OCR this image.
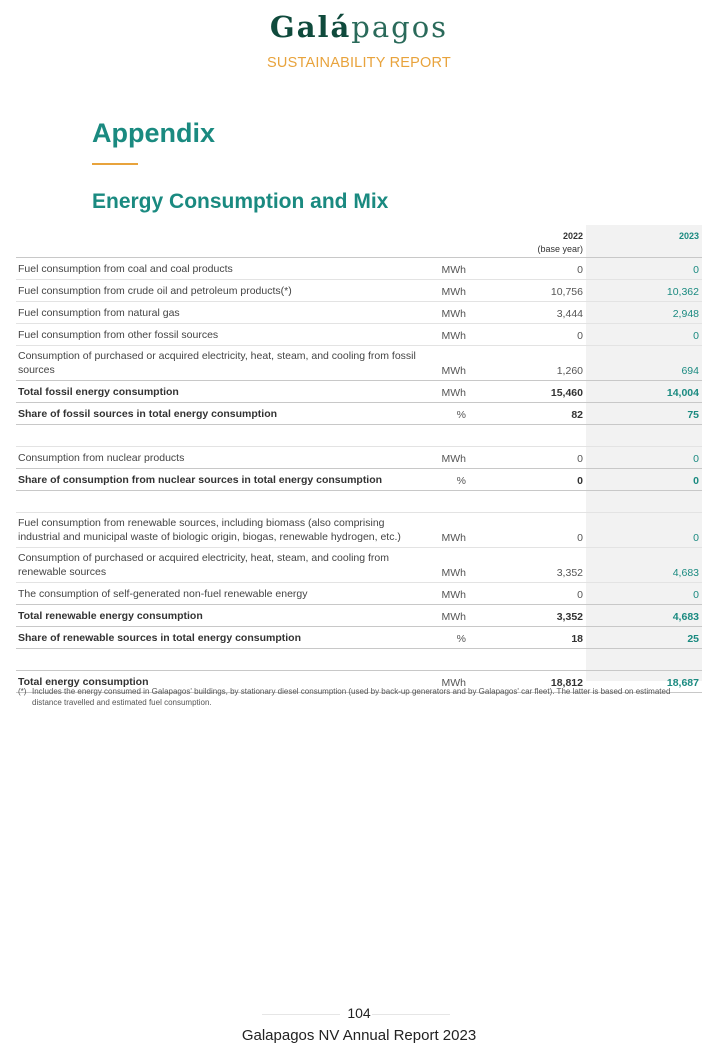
Galápagos
SUSTAINABILITY REPORT
Appendix
Energy Consumption and Mix
2022
(base year)
2023
Fuel consumption from coal and coal products	MWh	0	0
Fuel consumption from crude oil and petroleum products(*)	MWh	10,756	10,362
Fuel consumption from natural gas	MWh	3,444	2,948
Fuel consumption from other fossil sources	MWh	0	0
Consumption of purchased or acquired electricity, heat, steam, and cooling from fossil sources	MWh	1,260	694
Total fossil energy consumption	MWh	15,460	14,004
Share of fossil sources in total energy consumption	%	82	75
Consumption from nuclear products	MWh	0	0
Share of consumption from nuclear sources in total energy consumption	%	0	0
Fuel consumption from renewable sources, including biomass (also comprising industrial and municipal waste of biologic origin, biogas, renewable hydrogen, etc.)	MWh	0	0
Consumption of purchased or acquired electricity, heat, steam, and cooling from renewable sources	MWh	3,352	4,683
The consumption of self-generated non-fuel renewable energy	MWh	0	0
Total renewable energy consumption	MWh	3,352	4,683
Share of renewable sources in total energy consumption	%	18	25
Total energy consumption	MWh	18,812	18,687
(*) Includes the energy consumed in Galapagos' buildings, by stationary diesel consumption (used by back-up generators and by Galapagos' car fleet). The latter is based on estimated distance travelled and estimated fuel consumption.
104
Galapagos NV Annual Report 2023
